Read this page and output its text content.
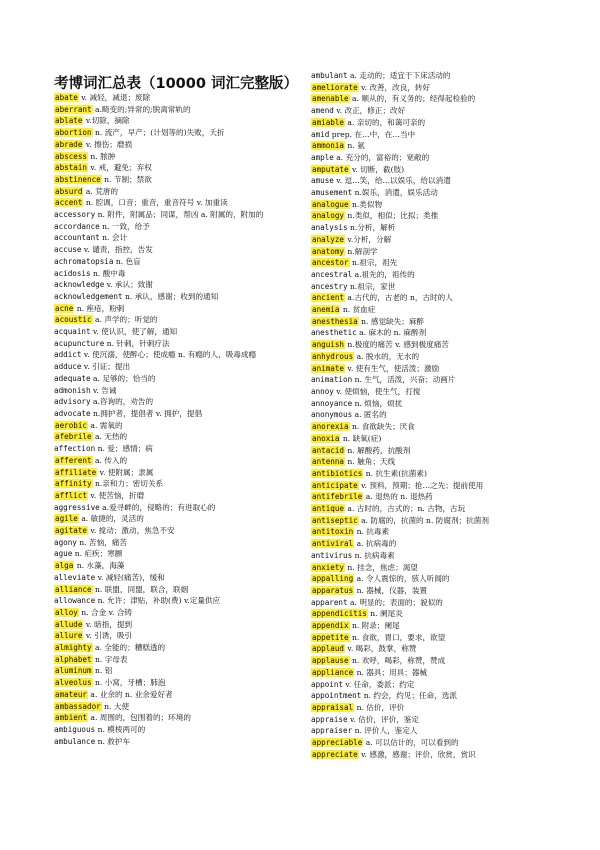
考博词汇总表（10000 词汇完整版）
abate v. 减轻，减退；废除
aberrant a.畸变的;异常的;脱离常轨的
ablate v.切除，摘除
abortion n. 流产，早产；(计划等的)失败，夭折
abrade v. 擦伤；磨损
abscess n. 脓肿
abstain v. 戒，避免；弃权
abstinence n. 节制；禁欲
absurd a. 荒唐的
accent n. 腔调，口音；重音，重音符号 v. 加重读
accessory n. 附件，附属品；同谋，帮凶 a. 附属的，附加的
accordance n. 一致，给予
accountant n. 会计
accuse v. 谴责，指控，告发
achromatopsia n. 色盲
acidosis n. 酸中毒
acknowledge v. 承认；致谢
acknowledgement n. 承认，感谢；收到的通知
acne n. 痤疮，粉刺
acoustic a. 声学的；听觉的
acquaint v. 使认识，使了解，通知
acupuncture n. 针刺，针刺疗法
addict v. 使沉溺，使醉心；使成瘾 n. 有瘾的人，吸毒成瘾
adduce v. 引证；提出
adequate a. 足够的；恰当的
admonish v. 告诫
advisory a.咨询的，劝告的
advocate n.拥护者，提倡者 v. 拥护，提倡
aerobic a. 需氧的
afebrile a. 无热的
affection n. 爱；感情；病
afferent a. 传入的
affiliate v. 使附属；隶属
affinity n.亲和力；密切关系
afflict v. 使苦恼，折磨
aggressive a.爱寻衅的，侵略的；有进取心的
agile a. 敏捷的，灵活的
agitate v. 搅动；激动，焦急不安
agony n. 苦恼，痛苦
ague n. 疟疾；寒颤
alga n. 水藻，海藻
alleviate v. 减轻(痛苦)，缓和
alliance n. 联盟，同盟，联合，联姻
allowance n. 允许；津贴，补助(费) v.定量供应
alloy n. 合金 v. 合铸
allude v. 暗指，提到
allure v. 引诱，吸引
almighty a. 全能的；糟糕透的
alphabet n. 字母表
aluminum n. 铝
alveolus n. 小窝，牙槽；肺泡
amateur a. 业余的 n. 业余爱好者
ambassador n. 大使
ambient a. 周围的，包围着的；环境的
ambiguous n. 模棱两可的
ambulance n. 救护车
ambulant a. 走动的；适宜于下床活动的
ameliorate v. 改善，改良，转好
amenable a. 顺从的，有义务的；经得起检验的
amend v. 改正，修正；改好
amiable a. 亲切的，和蔼可亲的
amid prep. 在…中，在…当中
ammonia n. 氨
ample a. 充分的，富裕的；宽敞的
amputate v. 切断，截(肢)
amuse v. 逗…笑，给…以娱乐，给以消遣
amusement n.娱乐，消遣，娱乐活动
analogue n.类似物
analogy n.类似，相似；比拟；类推
analysis n.分析，解析
analyze v.分析，分解
anatomy n.解剖学
ancestor n.祖宗，祖先
ancestral a.祖先的，祖传的
ancestry n.祖宗，家世
ancient a.古代的，古老的 n，古时的人
anemia n. 贫血症
anesthesia n. 感觉缺失；麻醉
anesthetic a. 麻木的 n. 麻醉剂
anguish n.极度的痛苦 v. 感到极度痛苦
anhydrous a. 脱水的，无水的
animate v. 使有生气，使活泼；激励
animation n. 生气，活泼，兴奋；动画片
annoy v. 使烦恼，使生气，打搅
annoyance n. 烦恼，烦扰
anonymous a. 匿名的
anorexia n. 食欲缺失；厌食
anoxia n. 缺氧(症)
antacid n. 解酸药，抗酸剂
antenna n. 触角；天线
antibiotics n. 抗生素(抗菌素)
anticipate v. 预料，预期；抢…之先；提前使用
antifebrile a. 退热的 n. 退热药
antique a. 古时的，古式的；n. 古物，古玩
antiseptic a. 防腐的，抗菌的 n. 防腐剂；抗菌剂
antitoxin n. 抗毒素
antiviral a. 抗病毒的
antivirus n. 抗病毒素
anxiety n. 挂念，焦虑；渴望
appalling a. 令人震惊的，骇人听闻的
apparatus n. 器械，仪器，装置
apparent a. 明显的；表面的；貌似的
appendicitis n. 阑尾炎
appendix n. 附录；阑尾
appetite n. 食欲，胃口，要求，欲望
applaud v. 喝彩，鼓掌，称赞
applause n. 欢呼，喝彩，称赞，赞成
appliance n. 器具；用具；器械
appoint v. 任命，委派；约定
appointment n. 约会，约见；任命，选派
appraisal n. 估价，评价
appraise v. 估价，评价，鉴定
appraiser n. 评价人，鉴定人
appreciable a. 可以估计的，可以看到的
appreciate v. 感激，感谢；评价，欣赏，赏识
